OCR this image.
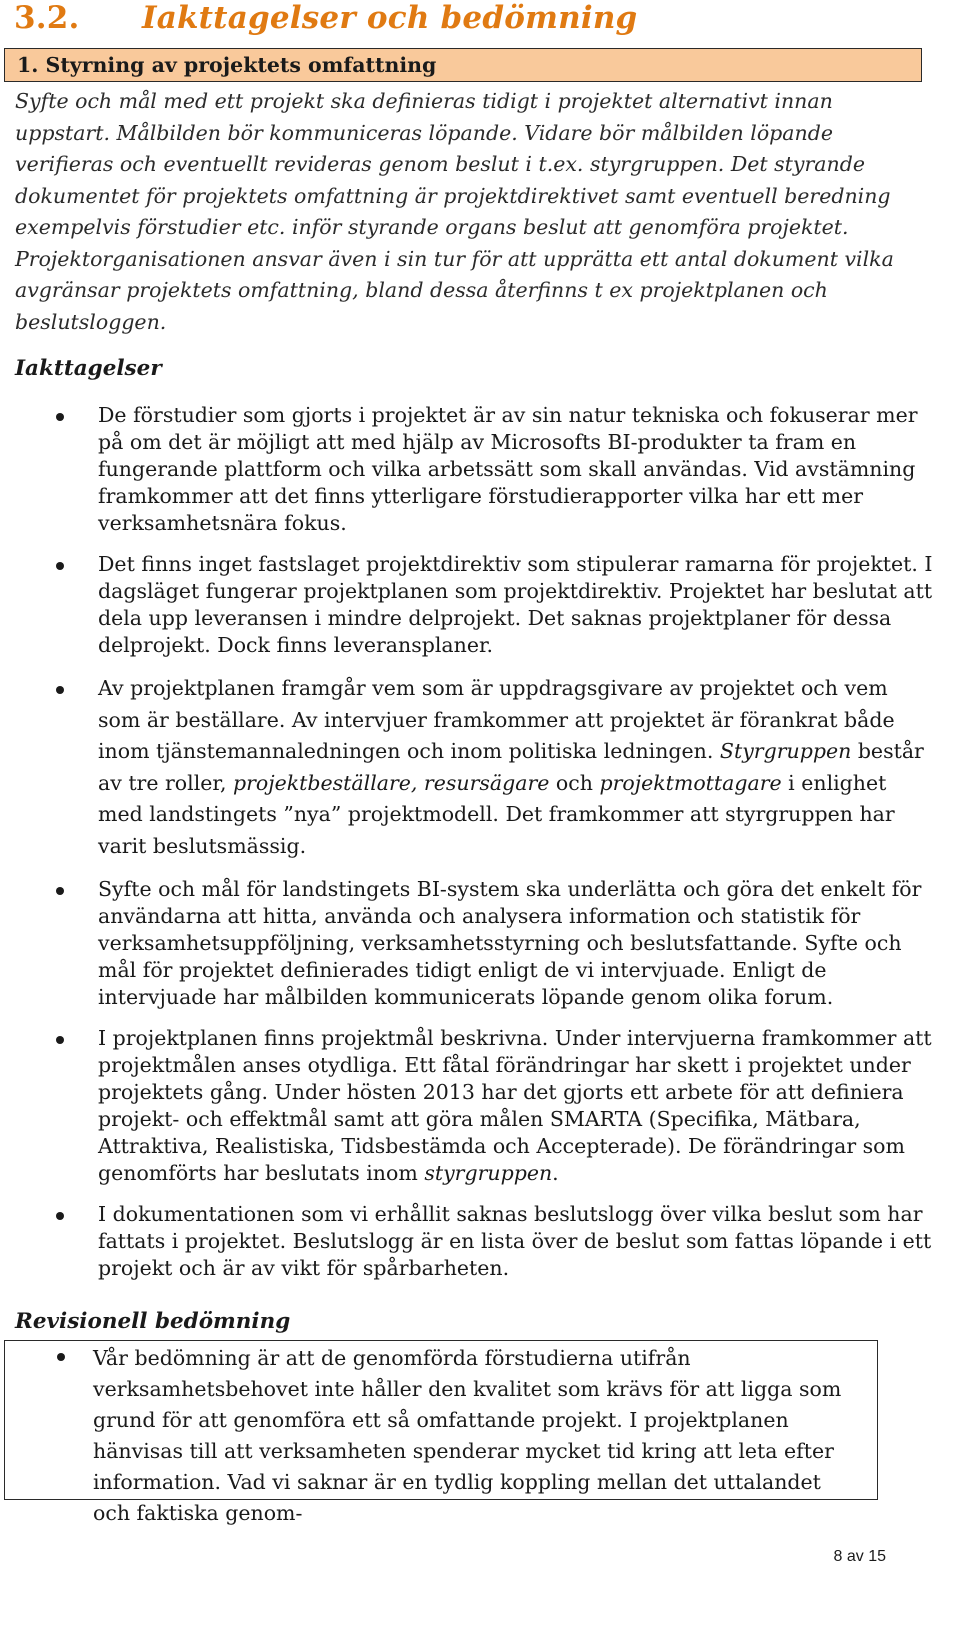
3.2. Iakttagelser och bedömning
1. Styrning av projektets omfattning

Syfte och mål med ett projekt ska definieras tidigt i projektet alternativt innan uppstart. Målbilden bör kommuniceras löpande. Vidare bör målbilden löpande verifieras och eventuellt revideras genom beslut i t.ex. styrgruppen. Det styrande dokumentet för projektets omfattning är projektdirektivet samt eventuell beredning exempelvis förstudier etc. inför styrande organs beslut att genomföra projektet. Projektorganisationen ansvar även i sin tur för att upprätta ett antal dokument vilka avgränsar projektets omfattning, bland dessa återfinns t ex projektplanen och beslutsloggen.

Iakttagelser
De förstudier som gjorts i projektet är av sin natur tekniska och fokuserar mer på om det är möjligt att med hjälp av Microsofts BI-produkter ta fram en fungerande plattform och vilka arbetssätt som skall användas. Vid avstämning framkommer att det finns ytterligare förstudierapporter vilka har ett mer verksamhetsnära fokus.
Det finns inget fastslaget projektdirektiv som stipulerar ramarna för projektet. I dagsläget fungerar projektplanen som projektdirektiv. Projektet har beslutat att dela upp leveransen i mindre delprojekt. Det saknas projektplaner för dessa delprojekt. Dock finns leveransplaner.
Av projektplanen framgår vem som är uppdragsgivare av projektet och vem som är beställare. Av intervjuer framkommer att projektet är förankrat både inom tjänstemannaledningen och inom politiska ledningen. Styrgruppen består av tre roller, projektbeställare, resursägare och projektmottagare i enlighet med landstingets ”nya” projektmodell. Det framkommer att styrgruppen har varit beslutsmässig.
Syfte och mål för landstingets BI-system ska underlätta och göra det enkelt för användarna att hitta, använda och analysera information och statistik för verksamhetsuppföljning, verksamhetsstyrning och beslutsfattande. Syfte och mål för projektet definierades tidigt enligt de vi intervjuade. Enligt de intervjuade har målbilden kommunicerats löpande genom olika forum.
I projektplanen finns projektmål beskrivna. Under intervjuerna framkommer att projektmålen anses otydliga. Ett fåtal förändringar har skett i projektet under projektets gång. Under hösten 2013 har det gjorts ett arbete för att definiera projekt- och effektmål samt att göra målen SMARTA (Specifika, Mätbara, Attraktiva, Realistiska, Tidsbestämda och Accepterade). De förändringar som genomförts har beslutats inom styrgruppen.
I dokumentationen som vi erhållit saknas beslutslogg över vilka beslut som har fattats i projektet. Beslutslogg är en lista över de beslut som fattas löpande i ett projekt och är av vikt för spårbarheten.
Revisionell bedömning

Vår bedömning är att de genomförda förstudierna utifrån verksamhetsbehovet inte håller den kvalitet som krävs för att ligga som grund för att genomföra ett så omfattande projekt. I projektplanen hänvisas till att verksamheten spenderar mycket tid kring att leta efter information. Vad vi saknar är en tydlig koppling mellan det uttalandet och faktiska genom-

8 av 15
